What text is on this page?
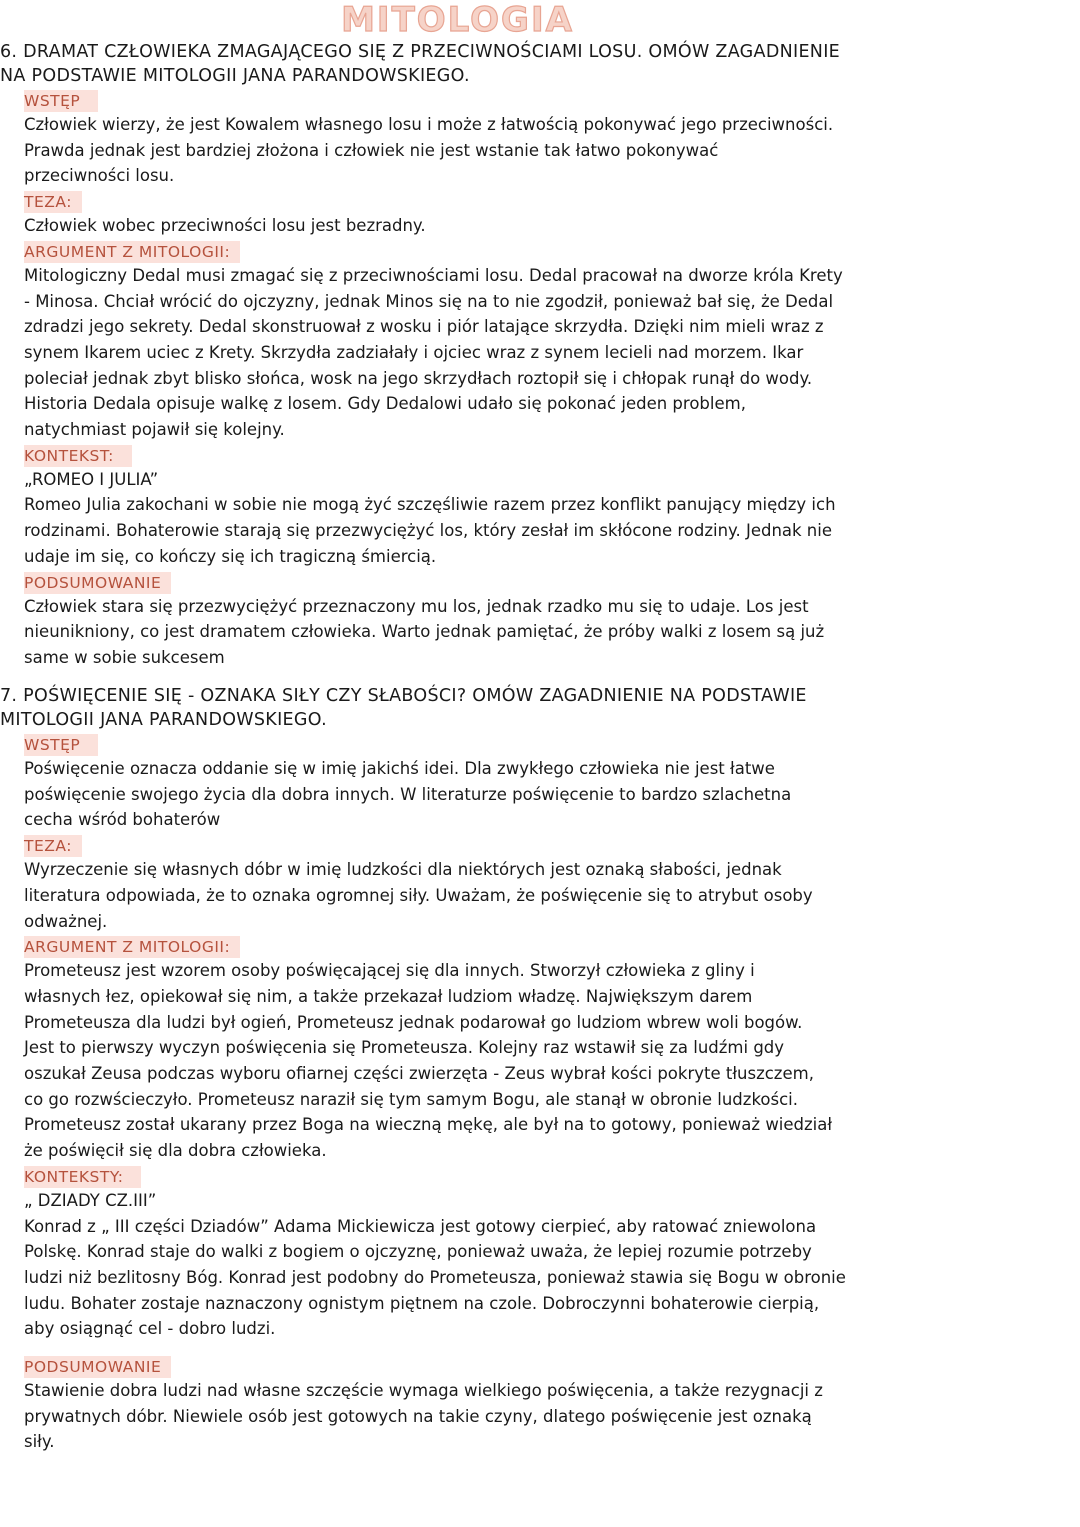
MITOLOGIA

6. DRAMAT CZŁOWIEKA ZMAGAJĄCEGO SIĘ Z PRZECIWNOŚCIAMI LOSU. OMÓW ZAGADNIENIE

NA PODSTAWIE MITOLOGII JANA PARANDOWSKIEGO.

WSTĘP

Człowiek wierzy, że jest Kowalem własnego losu i może z łatwością pokonywać jego przeciwności.

Prawda jednak jest bardziej złożona i człowiek nie jest wstanie tak łatwo pokonywać

przeciwności losu.

TEZA:

Człowiek wobec przeciwności losu jest bezradny.

ARGUMENT Z MITOLOGII:

Mitologiczny Dedal musi zmagać się z przeciwnościami losu. Dedal pracował na dworze króla Krety

- Minosa. Chciał wrócić do ojczyzny, jednak Minos się na to nie zgodził, ponieważ bał się, że Dedal

zdradzi jego sekrety. Dedal skonstruował z wosku i piór latające skrzydła. Dzięki nim mieli wraz z

synem Ikarem uciec z Krety. Skrzydła zadziałały i ojciec wraz z synem lecieli nad morzem. Ikar

poleciał jednak zbyt blisko słońca, wosk na jego skrzydłach roztopił się i chłopak runął do wody.

Historia Dedala opisuje walkę z losem. Gdy Dedalowi udało się pokonać jeden problem,

natychmiast pojawił się kolejny.

KONTEKST:

„ROMEO I JULIA”

Romeo Julia zakochani w sobie nie mogą żyć szczęśliwie razem przez konflikt panujący między ich

rodzinami. Bohaterowie starają się przezwyciężyć los, który zesłał im skłócone rodziny. Jednak nie

udaje im się, co kończy się ich tragiczną śmiercią.

PODSUMOWANIE

Człowiek stara się przezwyciężyć przeznaczony mu los, jednak rzadko mu się to udaje. Los jest

nieunikniony, co jest dramatem człowieka. Warto jednak pamiętać, że próby walki z losem są już

same w sobie sukcesem

7. POŚWIĘCENIE SIĘ - OZNAKA SIŁY CZY SŁABOŚCI? OMÓW ZAGADNIENIE NA PODSTAWIE

MITOLOGII JANA PARANDOWSKIEGO.

WSTĘP

Poświęcenie oznacza oddanie się w imię jakichś idei. Dla zwykłego człowieka nie jest łatwe

poświęcenie swojego życia dla dobra innych. W literaturze poświęcenie to bardzo szlachetna

cecha wśród bohaterów

TEZA:

Wyrzeczenie się własnych dóbr w imię ludzkości dla niektórych jest oznaką słabości, jednak

literatura odpowiada, że to oznaka ogromnej siły. Uważam, że poświęcenie się to atrybut osoby

odważnej.

ARGUMENT Z MITOLOGII:

Prometeusz jest wzorem osoby poświęcającej się dla innych. Stworzył człowieka z gliny i

własnych łez, opiekował się nim, a także przekazał ludziom władzę. Największym darem

Prometeusza dla ludzi był ogień, Prometeusz jednak podarował go ludziom wbrew woli bogów.

Jest to pierwszy wyczyn poświęcenia się Prometeusza. Kolejny raz wstawił się za ludźmi gdy

oszukał Zeusa podczas wyboru ofiarnej części zwierzęta - Zeus wybrał kości pokryte tłuszczem,

co go rozwścieczyło. Prometeusz naraził się tym samym Bogu, ale stanął w obronie ludzkości.

Prometeusz został ukarany przez Boga na wieczną mękę, ale był na to gotowy, ponieważ wiedział

że poświęcił się dla dobra człowieka.

KONTEKSTY:

„ DZIADY CZ.III”

Konrad z „ III części Dziadów” Adama Mickiewicza jest gotowy cierpieć, aby ratować zniewolona

Polskę. Konrad staje do walki z bogiem o ojczyznę, ponieważ uważa, że lepiej rozumie potrzeby

ludzi niż bezlitosny Bóg. Konrad jest podobny do Prometeusza, ponieważ stawia się Bogu w obronie

ludu. Bohater zostaje naznaczony ognistym piętnem na czole. Dobroczynni bohaterowie cierpią,

aby osiągnąć cel - dobro ludzi.

PODSUMOWANIE

Stawienie dobra ludzi nad własne szczęście wymaga wielkiego poświęcenia, a także rezygnacji z

prywatnych dóbr. Niewiele osób jest gotowych na takie czyny, dlatego poświęcenie jest oznaką

siły.
